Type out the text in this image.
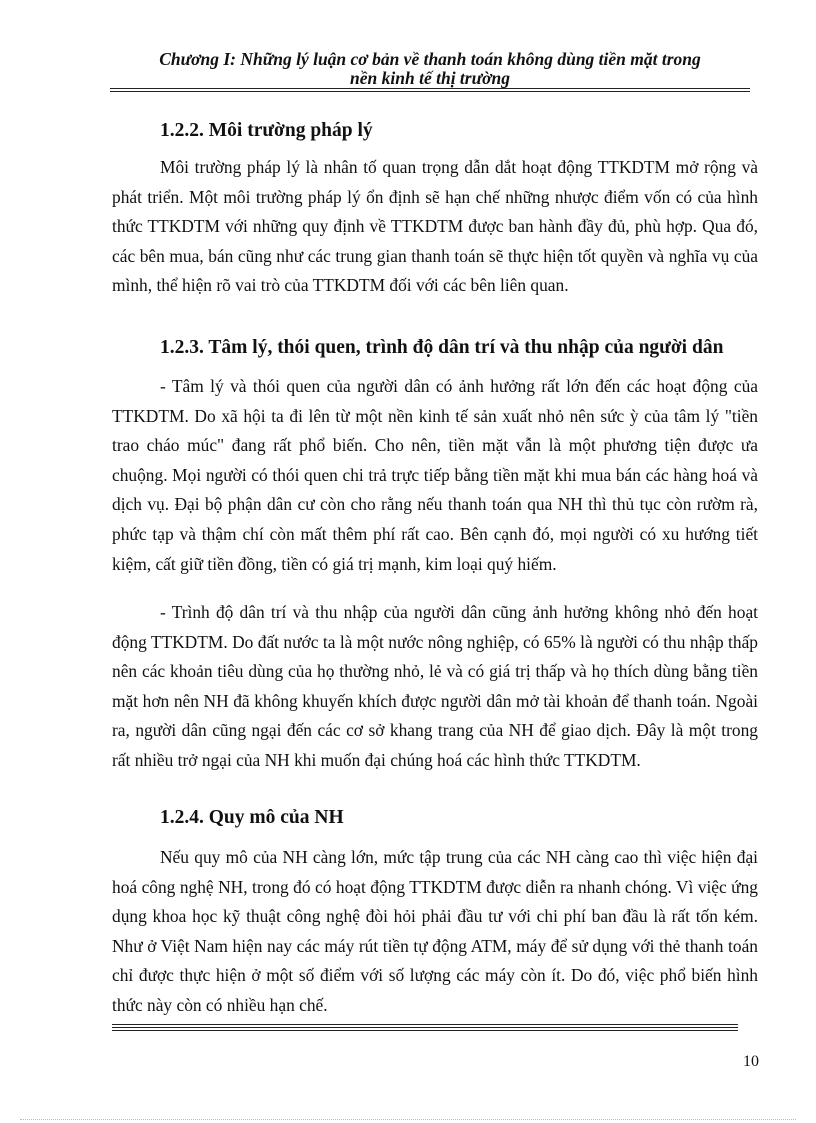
Chương I: Những lý luận cơ bản về thanh toán không dùng tiền mặt trong
nền kinh tế thị trường
1.2.2. Môi trường pháp lý

Môi trường pháp lý là nhân tố quan trọng dẫn dắt hoạt động TTKDTM mở rộng và phát triển. Một môi trường pháp lý ổn định sẽ hạn chế những nhược điểm vốn có của hình thức TTKDTM với những quy định về TTKDTM được ban hành đầy đủ, phù hợp. Qua đó, các bên mua, bán cũng như các trung gian thanh toán sẽ thực hiện tốt quyền và nghĩa vụ của mình, thể hiện rõ vai trò của TTKDTM đối với các bên liên quan.

1.2.3. Tâm lý, thói quen, trình độ dân trí và thu nhập của người dân

- Tâm lý và thói quen của người dân có ảnh hưởng rất lớn đến các hoạt động của TTKDTM. Do xã hội ta đi lên từ một nền kinh tế sản xuất nhỏ nên sức ỳ của tâm lý "tiền trao cháo múc" đang rất phổ biến. Cho nên, tiền mặt vẫn là một phương tiện được ưa chuộng. Mọi người có thói quen chi trả trực tiếp bằng tiền mặt khi mua bán các hàng hoá và dịch vụ. Đại bộ phận dân cư còn cho rằng nếu thanh toán qua NH thì thủ tục còn rườm rà, phức tạp và thậm chí còn mất thêm phí rất cao. Bên cạnh đó, mọi người có xu hướng tiết kiệm, cất giữ tiền đồng, tiền có giá trị mạnh, kim loại quý hiếm.

- Trình độ dân trí và thu nhập của người dân cũng ảnh hưởng không nhỏ đến hoạt động TTKDTM. Do đất nước ta là một nước nông nghiệp, có 65% là người có thu nhập thấp nên các khoản tiêu dùng của họ thường nhỏ, lẻ và có giá trị thấp và họ thích dùng bằng tiền mặt hơn nên NH đã không khuyến khích được người dân mở tài khoản để thanh toán. Ngoài ra, người dân cũng ngại đến các cơ sở khang trang của NH để giao dịch. Đây là một trong rất nhiều trở ngại của NH khi muốn đại chúng hoá các hình thức TTKDTM.

1.2.4. Quy mô của NH

Nếu quy mô của NH càng lớn, mức tập trung của các NH càng cao thì việc hiện đại hoá công nghệ NH, trong đó có hoạt động TTKDTM được diễn ra nhanh chóng. Vì việc ứng dụng khoa học kỹ thuật công nghệ đòi hỏi phải đầu tư với chi phí ban đầu là rất tốn kém. Như ở Việt Nam hiện nay các máy rút tiền tự động ATM, máy để sử dụng với thẻ thanh toán chỉ được thực hiện ở một số điểm với số lượng các máy còn ít. Do đó, việc phổ biến hình thức này còn có nhiều hạn chế.

10
